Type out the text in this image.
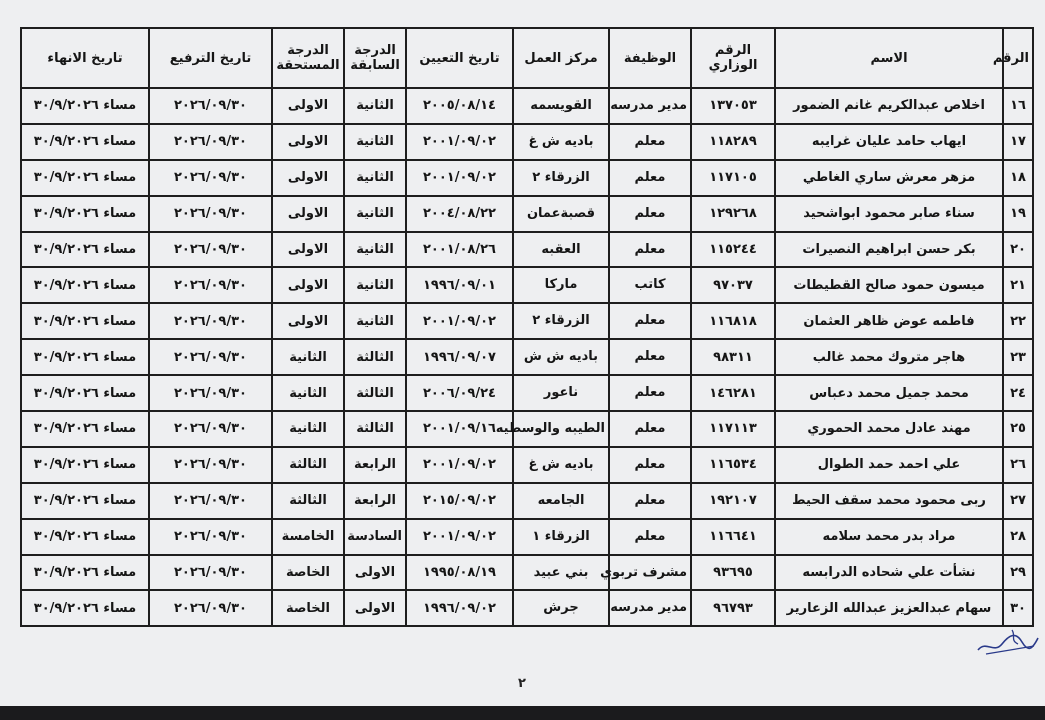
الرقم	الاسم	الرقم الوزاري	الوظيفة	مركز العمل	تاريخ التعيين	الدرجة السابقة	الدرجة المستحقة	تاريخ الترفيع	تاريخ الانهاء
١٦	اخلاص عبدالكريم غانم الضمور	١٣٧٠٥٣	مدير مدرسه	القويسمه	٢٠٠٥/٠٨/١٤	الثانية	الاولى	٢٠٢٦/٠٩/٣٠	مساء ٣٠/٩/٢٠٢٦
١٧	ايهاب حامد عليان غرايبه	١١٨٢٨٩	معلم	باديه ش غ	٢٠٠١/٠٩/٠٢	الثانية	الاولى	٢٠٢٦/٠٩/٣٠	مساء ٣٠/٩/٢٠٢٦
١٨	مزهر معرش ساري الغاطي	١١٧١٠٥	معلم	الزرقاء ٢	٢٠٠١/٠٩/٠٢	الثانية	الاولى	٢٠٢٦/٠٩/٣٠	مساء ٣٠/٩/٢٠٢٦
١٩	سناء صابر محمود ابواشحيد	١٢٩٢٦٨	معلم	قصبةعمان	٢٠٠٤/٠٨/٢٢	الثانية	الاولى	٢٠٢٦/٠٩/٣٠	مساء ٣٠/٩/٢٠٢٦
٢٠	بكر حسن ابراهيم النصيرات	١١٥٢٤٤	معلم	العقبه	٢٠٠١/٠٨/٢٦	الثانية	الاولى	٢٠٢٦/٠٩/٣٠	مساء ٣٠/٩/٢٠٢٦
٢١	ميسون حمود صالح القطيطات	٩٧٠٣٧	كاتب	ماركا	١٩٩٦/٠٩/٠١	الثانية	الاولى	٢٠٢٦/٠٩/٣٠	مساء ٣٠/٩/٢٠٢٦
٢٢	فاطمه عوض ظاهر العثمان	١١٦٨١٨	معلم	الزرقاء ٢	٢٠٠١/٠٩/٠٢	الثانية	الاولى	٢٠٢٦/٠٩/٣٠	مساء ٣٠/٩/٢٠٢٦
٢٣	هاجر متروك محمد غالب	٩٨٣١١	معلم	باديه ش ش	١٩٩٦/٠٩/٠٧	الثالثة	الثانية	٢٠٢٦/٠٩/٣٠	مساء ٣٠/٩/٢٠٢٦
٢٤	محمد جميل محمد دعباس	١٤٦٢٨١	معلم	ناعور	٢٠٠٦/٠٩/٢٤	الثالثة	الثانية	٢٠٢٦/٠٩/٣٠	مساء ٣٠/٩/٢٠٢٦
٢٥	مهند عادل محمد الحموري	١١٧١١٣	معلم	الطيبه والوسطيه	٢٠٠١/٠٩/١٦	الثالثة	الثانية	٢٠٢٦/٠٩/٣٠	مساء ٣٠/٩/٢٠٢٦
٢٦	علي احمد حمد الطوال	١١٦٥٣٤	معلم	باديه ش غ	٢٠٠١/٠٩/٠٢	الرابعة	الثالثة	٢٠٢٦/٠٩/٣٠	مساء ٣٠/٩/٢٠٢٦
٢٧	ربى محمود محمد سقف الحيط	١٩٢١٠٧	معلم	الجامعه	٢٠١٥/٠٩/٠٢	الرابعة	الثالثة	٢٠٢٦/٠٩/٣٠	مساء ٣٠/٩/٢٠٢٦
٢٨	مراد بدر محمد سلامه	١١٦٦٤١	معلم	الزرقاء ١	٢٠٠١/٠٩/٠٢	السادسة	الخامسة	٢٠٢٦/٠٩/٣٠	مساء ٣٠/٩/٢٠٢٦
٢٩	نشأت علي شحاده الدرابسه	٩٣٦٩٥	مشرف تربوي	بني عبيد	١٩٩٥/٠٨/١٩	الاولى	الخاصة	٢٠٢٦/٠٩/٣٠	مساء ٣٠/٩/٢٠٢٦
٣٠	سهام عبدالعزيز عبدالله الزعارير	٩٦٧٩٣	مدير مدرسه	جرش	١٩٩٦/٠٩/٠٢	الاولى	الخاصة	٢٠٢٦/٠٩/٣٠	مساء ٣٠/٩/٢٠٢٦
٢
